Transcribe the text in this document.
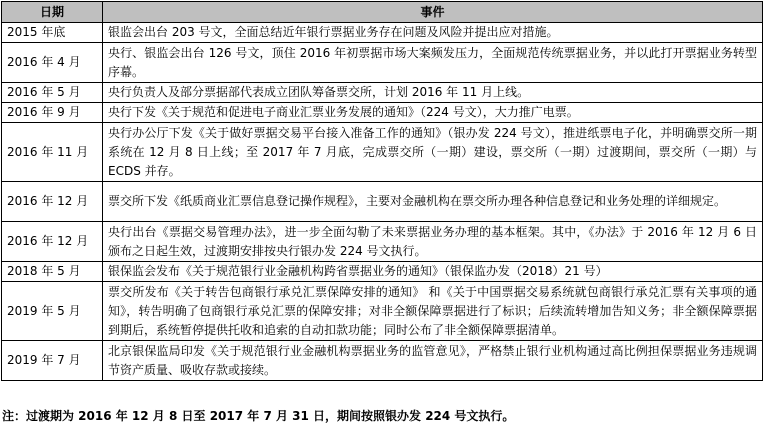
日期	事件
2015 年底	银监会出台 203 号文，全面总结近年银行票据业务存在问题及风险并提出应对措施。
2016 年 4 月	央行、银监会出台 126 号文，顶住 2016 年初票据市场大案频发压力，全面规范传统票据业务，并以此打开票据业务转型序幕。
2016 年 5 月	央行负责人及部分票据部代表成立团队筹备票交所，计划 2016 年 11 月上线。
2016 年 9 月	央行下发《关于规范和促进电子商业汇票业务发展的通知》（224 号文），大力推广电票。
2016 年 11 月	央行办公厅下发《关于做好票据交易平台接入准备工作的通知》（银办发 224 号文），推进纸票电子化，并明确票交所一期系统在 12 月 8 日上线；至 2017 年 7 月底，完成票交所（一期）建设，票交所（一期）过渡期间，票交所（一期）与 ECDS 并存。
2016 年 12 月	票交所下发《纸质商业汇票信息登记操作规程》，主要对金融机构在票交所办理各种信息登记和业务处理的详细规定。
2016 年 12 月	央行出台《票据交易管理办法》，进一步全面勾勒了未来票据业务办理的基本框架。其中，《办法》于 2016 年 12 月 6 日颁布之日起生效，过渡期安排按央行银办发 224 号文执行。
2018 年 5 月	银保监会发布《关于规范银行业金融机构跨省票据业务的通知》（银保监办发（2018）21 号）
2019 年 5 月	票交所发布《关于转告包商银行承兑汇票保障安排的通知》 和《关于中国票据交易系统就包商银行承兑汇票有关事项的通知》，转告明确了包商银行承兑汇票的保障安排；对非全额保障票据进行了标识；后续流转增加告知义务；非全额保障票据到期后，系统暂停提供托收和追索的自动扣款功能；同时公布了非全额保障票据清单。
2019 年 7 月	北京银保监局印发《关于规范银行业金融机构票据业务的监管意见》，严格禁止银行业机构通过高比例担保票据业务违规调节资产质量、吸收存款或接续。
注：过渡期为 2016 年 12 月 8 日至 2017 年 7 月 31 日，期间按照银办发 224 号文执行。
